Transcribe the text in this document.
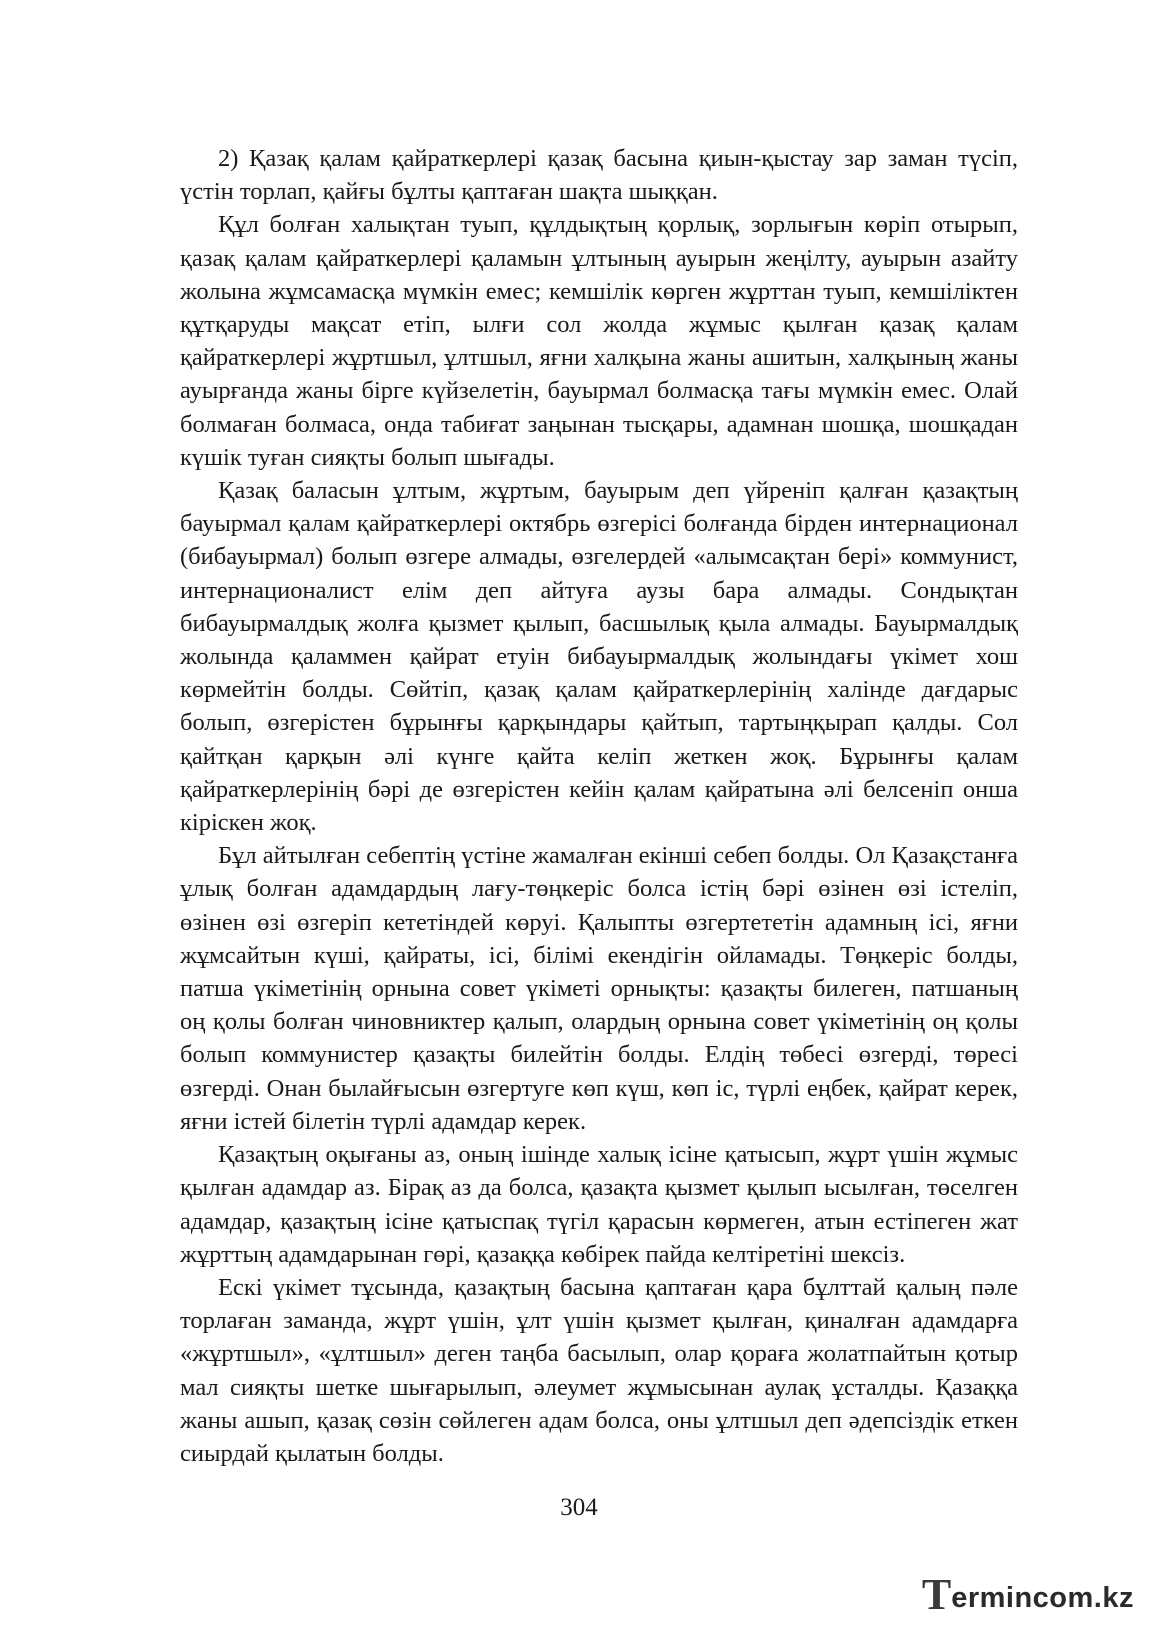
2) Қазақ қалам қайраткерлері қазақ басына қиын-қыстау зар заман түсіп, үстін торлап, қайғы бұлты қаптаған шақта шыққан.

Құл болған халықтан туып, құлдықтың қорлық, зорлығын көріп отырып, қазақ қалам қайраткерлері қаламын ұлтының ауырын жеңілту, ауырын азайту жолына жұмсамасқа мүмкін емес; кемшілік көрген жұрттан туып, кемшіліктен құтқаруды мақсат етіп, ылғи сол жолда жұмыс қылған қазақ қалам қайраткерлері жұртшыл, ұлтшыл, яғни халқына жаны ашитын, халқының жаны ауырғанда жаны бірге күйзелетін, бауырмал болмасқа тағы мүмкін емес. Олай болмаған болмаса, онда табиғат заңынан тысқары, адамнан шошқа, шошқадан күшік туған сияқты болып шығады.

Қазақ баласын ұлтым, жұртым, бауырым деп үйреніп қалған қазақтың бауырмал қалам қайраткерлері октябрь өзгерісі болғанда бірден интернационал (бибауырмал) болып өзгере алмады, өзгелердей «алымсақтан бері» коммунист, интернационалист елім деп айтуға аузы бара алмады. Сондықтан бибауырмалдық жолға қызмет қылып, басшылық қыла алмады. Бауырмалдық жолында қаламмен қайрат етуін бибауырмалдық жолындағы үкімет хош көрмейтін болды. Сөйтіп, қазақ қалам қайраткерлерінің халінде дағдарыс болып, өзгерістен бұрынғы қарқындары қайтып, тартыңқырап қалды. Сол қайтқан қарқын әлі күнге қайта келіп жеткен жоқ. Бұрынғы қалам қайраткерлерінің бәрі де өзгерістен кейін қалам қайратына әлі белсеніп онша кіріскен жоқ.

Бұл айтылған себептің үстіне жамалған екінші себеп болды. Ол Қазақстанға ұлық болған адамдардың лағу-төңкеріс болса істің бәрі өзінен өзі істеліп, өзінен өзі өзгеріп кететіндей көруі. Қалыпты өзгертететін адамның ісі, яғни жұмсайтын күші, қайраты, ісі, білімі екендігін ойламады. Төңкеріс болды, патша үкіметінің орнына совет үкіметі орнықты: қазақты билеген, патшаның оң қолы болған чиновниктер қалып, олардың орнына совет үкіметінің оң қолы болып коммунистер қазақты билейтін болды. Елдің төбесі өзгерді, төресі өзгерді. Онан былайғысын өзгертуге көп күш, көп іс, түрлі еңбек, қайрат керек, яғни істей білетін түрлі адамдар керек.

Қазақтың оқығаны аз, оның ішінде халық ісіне қатысып, жұрт үшін жұмыс қылған адамдар аз. Бірақ аз да болса, қазақта қызмет қылып ысылған, төселген адамдар, қазақтың ісіне қатыспақ түгіл қарасын көрмеген, атын естіпеген жат жұрттың адамдарынан гөрі, қазаққа көбірек пайда келтіретіні шексіз.

Ескі үкімет тұсында, қазақтың басына қаптаған қара бұлттай қалың пәле торлаған заманда, жұрт үшін, ұлт үшін қызмет қылған, қиналған адамдарға «жұртшыл», «ұлтшыл» деген таңба басылып, олар қораға жолатпайтын қотыр мал сияқты шетке шығарылып, әлеумет жұмысынан аулақ ұсталды. Қазаққа жаны ашып, қазақ сөзін сөйлеген адам болса, оны ұлтшыл деп әдепсіздік еткен сиырдай қылатын болды.

304
T ermincom.kz
